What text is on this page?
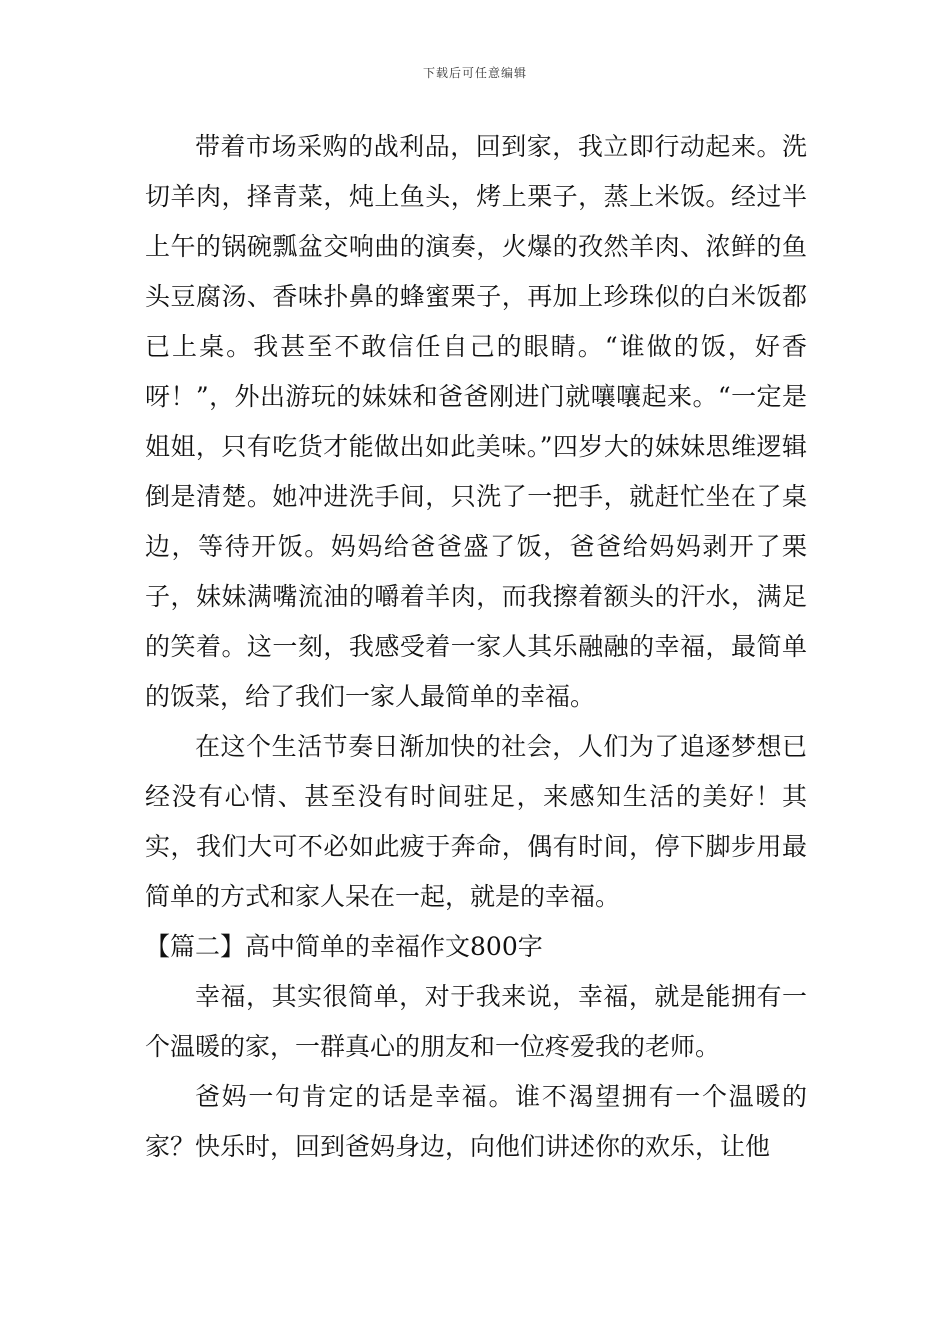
下载后可任意编辑

带着市场采购的战利品，回到家，我立即行动起来。洗切羊肉，择青菜，炖上鱼头，烤上栗子，蒸上米饭。经过半上午的锅碗瓢盆交响曲的演奏，火爆的孜然羊肉、浓鲜的鱼头豆腐汤、香味扑鼻的蜂蜜栗子，再加上珍珠似的白米饭都已上桌。我甚至不敢信任自己的眼睛。“谁做的饭，好香呀！”，外出游玩的妹妹和爸爸刚进门就嚷嚷起来。“一定是姐姐，只有吃货才能做出如此美味。”四岁大的妹妹思维逻辑倒是清楚。她冲进洗手间，只洗了一把手，就赶忙坐在了桌边，等待开饭。妈妈给爸爸盛了饭，爸爸给妈妈剥开了栗子，妹妹满嘴流油的嚼着羊肉，而我擦着额头的汗水，满足的笑着。这一刻，我感受着一家人其乐融融的幸福，最简单的饭菜，给了我们一家人最简单的幸福。

在这个生活节奏日渐加快的社会，人们为了追逐梦想已经没有心情、甚至没有时间驻足，来感知生活的美好！其实，我们大可不必如此疲于奔命，偶有时间，停下脚步用最简单的方式和家人呆在一起，就是的幸福。

【篇二】高中简单的幸福作文800字

幸福，其实很简单，对于我来说，幸福，就是能拥有一个温暖的家，一群真心的朋友和一位疼爱我的老师。

爸妈一句肯定的话是幸福。谁不渴望拥有一个温暖的家？快乐时，回到爸妈身边，向他们讲述你的欢乐，让他
